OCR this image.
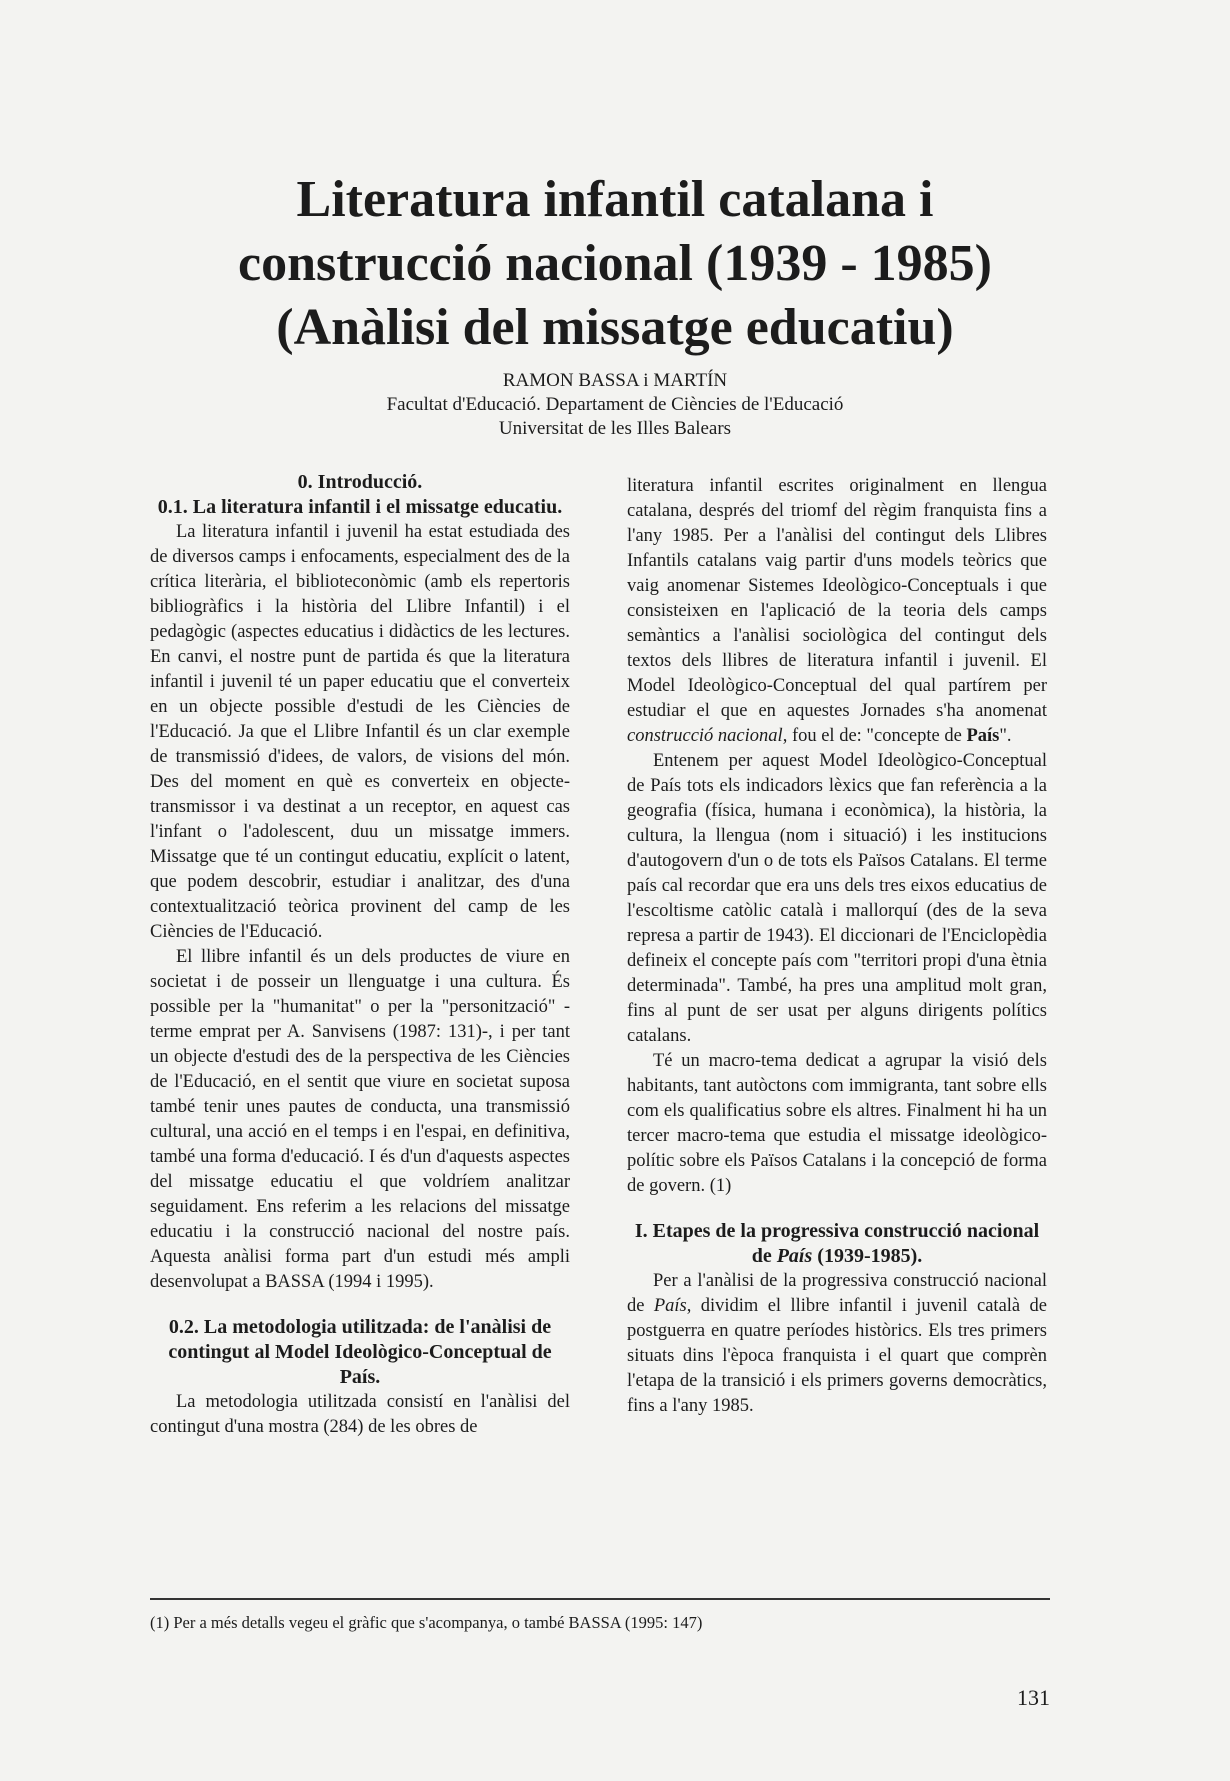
Literatura infantil catalana i
construcció nacional (1939 - 1985)
(Anàlisi del missatge educatiu)
RAMON BASSA i MARTÍN
Facultat d'Educació. Departament de Ciències de l'Educació
Universitat de les Illes Balears
0. Introducció.
0.1. La literatura infantil i el missatge educatiu.

La literatura infantil i juvenil ha estat estudiada des de diversos camps i enfocaments, especialment des de la crítica literària, el biblioteconòmic (amb els repertoris bibliogràfics i la història del Llibre Infantil) i el pedagògic (aspectes educatius i didàctics de les lectures. En canvi, el nostre punt de partida és que la literatura infantil i juvenil té un paper educatiu que el converteix en un objecte possible d'estudi de les Ciències de l'Educació. Ja que el Llibre Infantil és un clar exemple de transmissió d'idees, de valors, de visions del món. Des del moment en què es converteix en objecte-transmissor i va destinat a un receptor, en aquest cas l'infant o l'adolescent, duu un missatge immers. Missatge que té un contingut educatiu, explícit o latent, que podem descobrir, estudiar i analitzar, des d'una contextualització teòrica provinent del camp de les Ciències de l'Educació.

El llibre infantil és un dels productes de viure en societat i de posseir un llenguatge i una cultura. És possible per la "humanitat" o per la "personització" -terme emprat per A. Sanvisens (1987: 131)-, i per tant un objecte d'estudi des de la perspectiva de les Ciències de l'Educació, en el sentit que viure en societat suposa també tenir unes pautes de conducta, una transmissió cultural, una acció en el temps i en l'espai, en definitiva, també una forma d'educació. I és d'un d'aquests aspectes del missatge educatiu el que voldríem analitzar seguidament. Ens referim a les relacions del missatge educatiu i la construcció nacional del nostre país. Aquesta anàlisi forma part d'un estudi més ampli desenvolupat a BASSA (1994 i 1995).

0.2. La metodologia utilitzada: de l'anàlisi de contingut al Model Ideològico-Conceptual de País.

La metodologia utilitzada consistí en l'anàlisi del contingut d'una mostra (284) de les obres de

literatura infantil escrites originalment en llengua catalana, després del triomf del règim franquista fins a l'any 1985. Per a l'anàlisi del contingut dels Llibres Infantils catalans vaig partir d'uns models teòrics que vaig anomenar Sistemes Ideològico-Conceptuals i que consisteixen en l'aplicació de la teoria dels camps semàntics a l'anàlisi sociològica del contingut dels textos dels llibres de literatura infantil i juvenil. El Model Ideològico-Conceptual del qual partírem per estudiar el que en aquestes Jornades s'ha anomenat construcció nacional, fou el de: "concepte de País".

Entenem per aquest Model Ideològico-Conceptual de País tots els indicadors lèxics que fan referència a la geografia (física, humana i econòmica), la història, la cultura, la llengua (nom i situació) i les institucions d'autogovern d'un o de tots els Països Catalans. El terme país cal recordar que era uns dels tres eixos educatius de l'escoltisme catòlic català i mallorquí (des de la seva represa a partir de 1943). El diccionari de l'Enciclopèdia defineix el concepte país com "territori propi d'una ètnia determinada". També, ha pres una amplitud molt gran, fins al punt de ser usat per alguns dirigents polítics catalans.

Té un macro-tema dedicat a agrupar la visió dels habitants, tant autòctons com immigranta, tant sobre ells com els qualificatius sobre els altres. Finalment hi ha un tercer macro-tema que estudia el missatge ideològico-polític sobre els Països Catalans i la concepció de forma de govern. (1)

I. Etapes de la progressiva construcció nacional de País (1939-1985).

Per a l'anàlisi de la progressiva construcció nacional de País, dividim el llibre infantil i juvenil català de postguerra en quatre períodes històrics. Els tres primers situats dins l'època franquista i el quart que comprèn l'etapa de la transició i els primers governs democràtics, fins a l'any 1985.

(1) Per a més detalls vegeu el gràfic que s'acompanya, o també BASSA (1995: 147)
131
